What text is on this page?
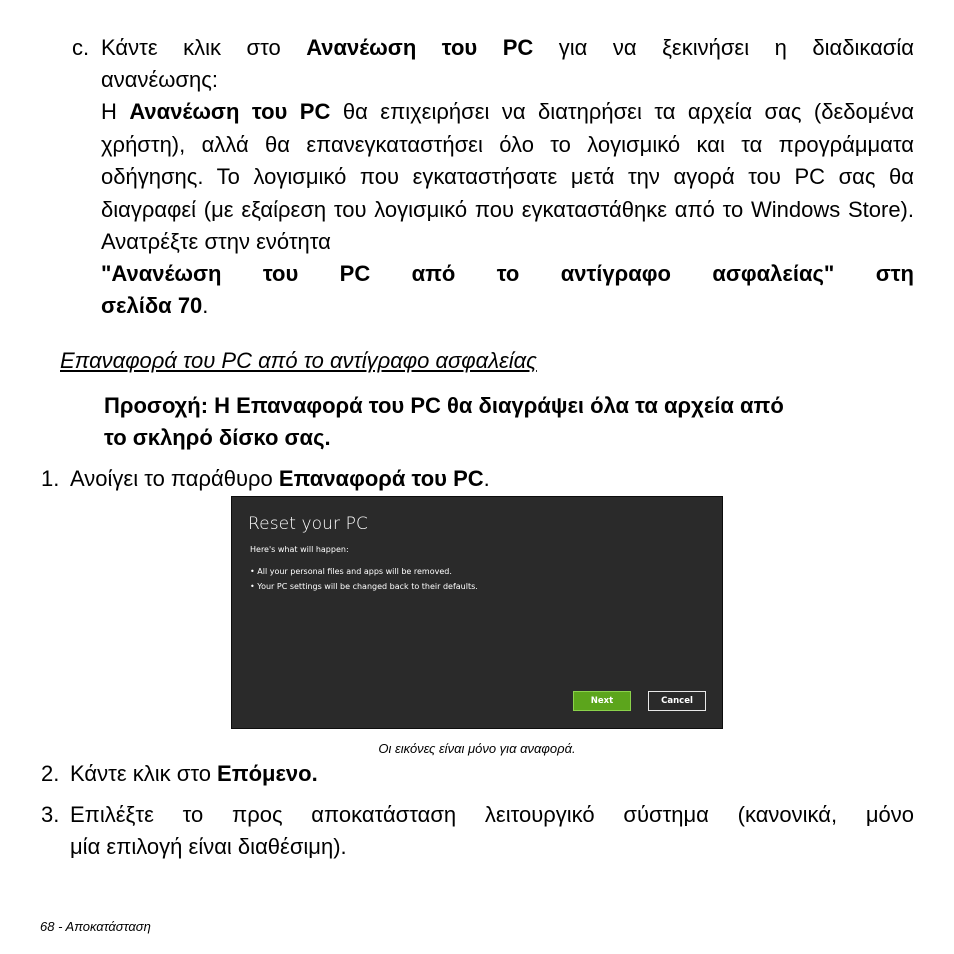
c. Κάντε κλικ στο Ανανέωση του PC για να ξεκινήσει η διαδικασία
ανανέωσης:
Η Ανανέωση του PC θα επιχειρήσει να διατηρήσει τα αρχεία σας (δεδομένα χρήστη), αλλά θα επανεγκαταστήσει όλο το λογισμικό και τα προγράμματα οδήγησης. Το λογισμικό που εγκαταστήσατε μετά την αγορά του PC σας θα διαγραφεί (με εξαίρεση του λογισμικό που εγκαταστάθηκε από το Windows Store). Ανατρέξτε στην ενότητα
"Ανανέωση του PC από το αντίγραφο ασφαλείας" στη
σελίδα 70.
Επαναφορά του PC από το αντίγραφο ασφαλείας
Προσοχή: Η Επαναφορά του PC θα διαγράψει όλα τα αρχεία από
το σκληρό δίσκο σας.
1. Ανοίγει το παράθυρο Επαναφορά του PC.
Reset your PC
Here's what will happen:
• All your personal files and apps will be removed.
• Your PC settings will be changed back to their defaults.
Next	Cancel
Οι εικόνες είναι μόνο για αναφορά.
2. Κάντε κλικ στο Επόμενο.
3. Επιλέξτε το προς αποκατάσταση λειτουργικό σύστημα (κανονικά, μόνο
μία επιλογή είναι διαθέσιμη).
68 - Αποκατάσταση
